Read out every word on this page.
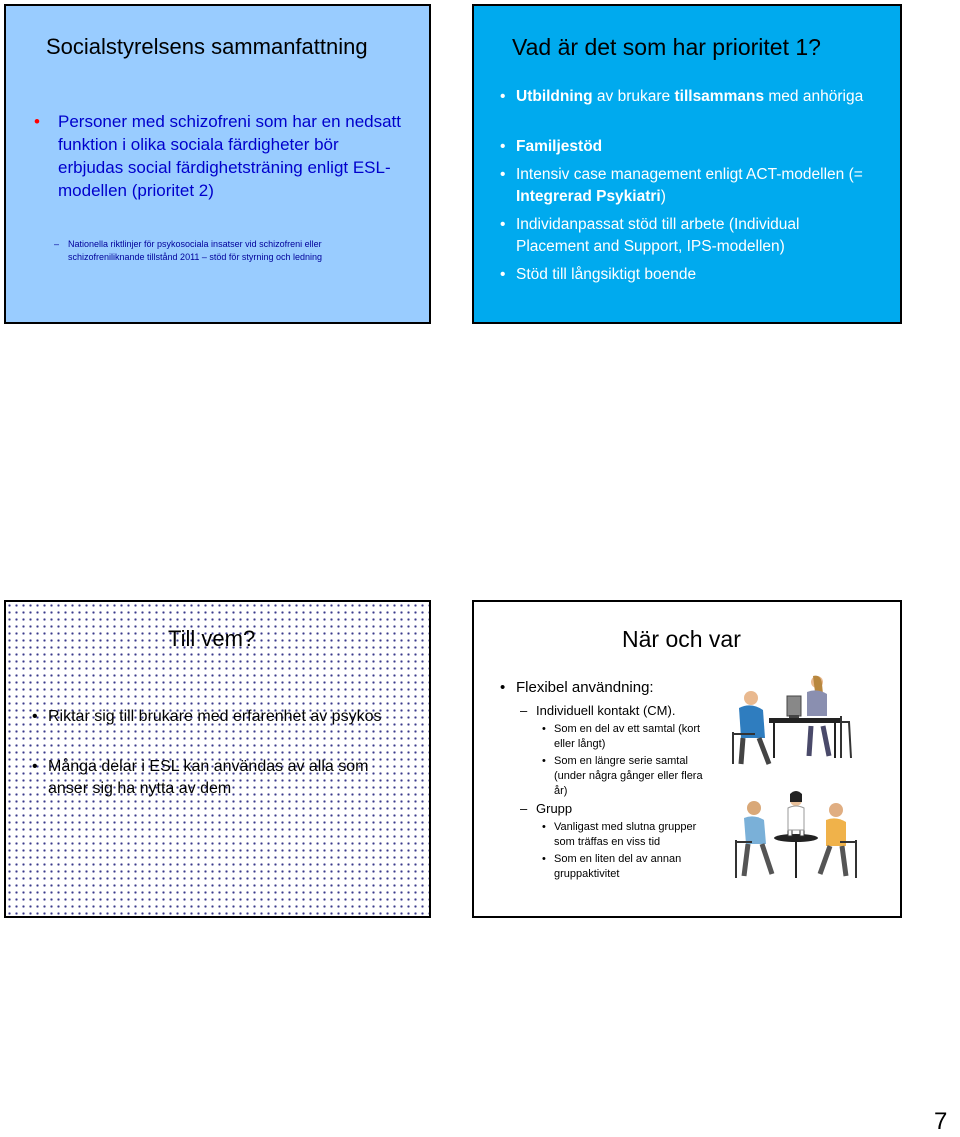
Socialstyrelsens sammanfattning
• Personer med schizofreni som har en nedsatt funktion i olika sociala färdigheter bör erbjudas social färdighetsträning enligt ESL-modellen (prioritet 2)
– Nationella riktlinjer för psykosociala insatser vid schizofreni eller schizofreniliknande tillstånd 2011 – stöd för styrning och ledning
Vad är det som har prioritet 1?
• Utbildning av brukare tillsammans med anhöriga
• Familjestöd
• Intensiv case management enligt ACT-modellen (= Integrerad Psykiatri)
• Individanpassat stöd till arbete (Individual Placement and Support, IPS-modellen)
• Stöd till långsiktigt boende
Till vem?
• Riktar sig till brukare med erfarenhet av psykos
• Många delar i ESL kan användas av alla som anser sig ha nytta av dem
När och var
• Flexibel användning:
– Individuell kontakt (CM).
• Som en del av ett samtal (kort eller långt)
• Som en längre serie samtal (under några gånger eller flera år)
– Grupp
• Vanligast med slutna grupper som träffas en viss tid
• Som en liten del av annan gruppaktivitet
7
